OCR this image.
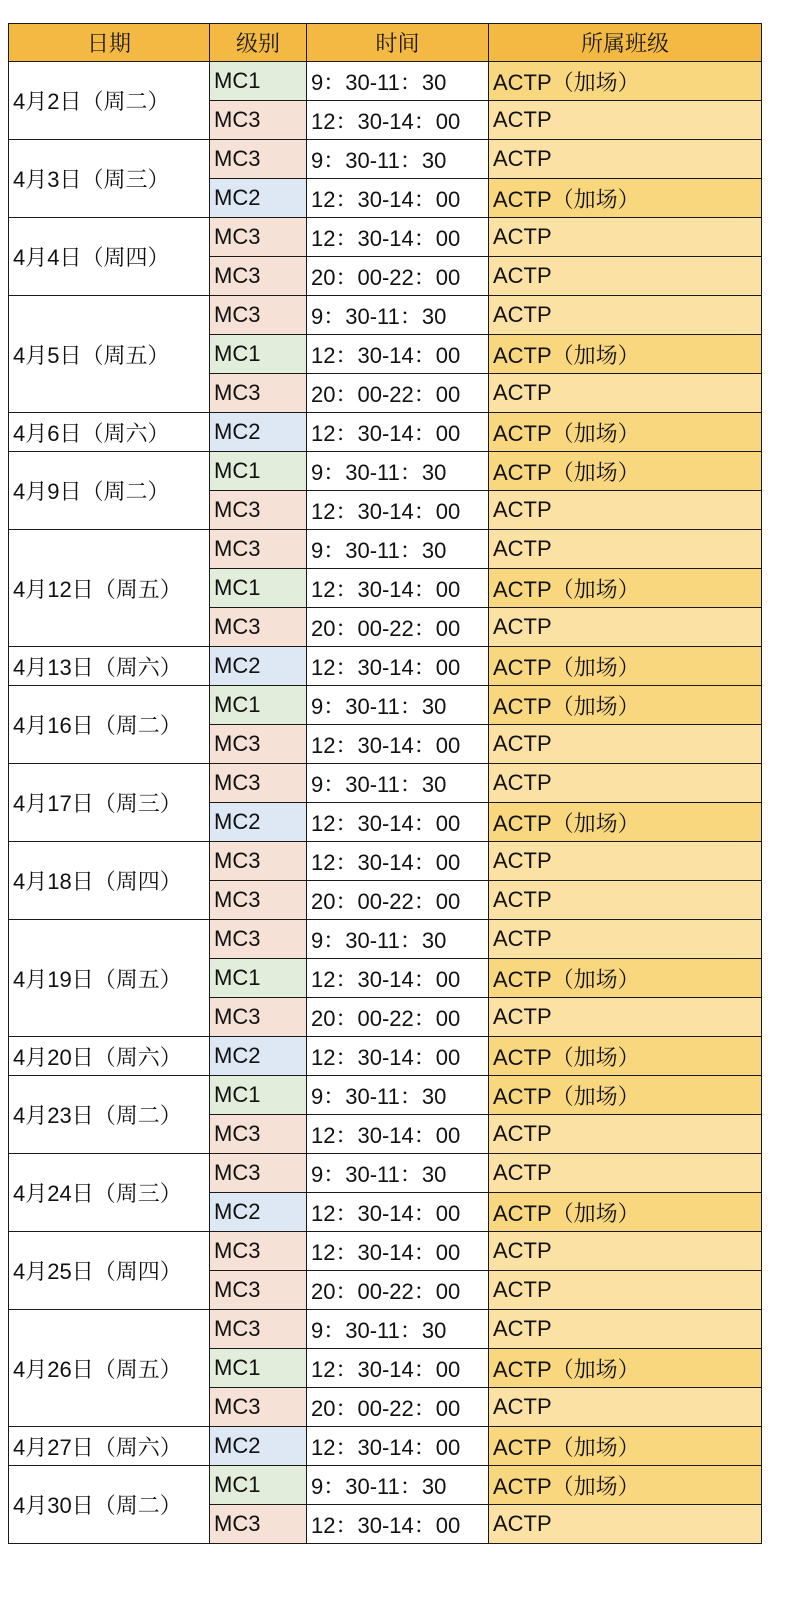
日期	级别	时间	所属班级
4月2日（周二）	MC1	9：30-11：30	ACTP（加场）
	MC3	12：30-14：00	ACTP
4月3日（周三）	MC3	9：30-11：30	ACTP
	MC2	12：30-14：00	ACTP（加场）
4月4日（周四）	MC3	12：30-14：00	ACTP
	MC3	20：00-22：00	ACTP
4月5日（周五）	MC3	9：30-11：30	ACTP
	MC1	12：30-14：00	ACTP（加场）
	MC3	20：00-22：00	ACTP
4月6日（周六）	MC2	12：30-14：00	ACTP（加场）
4月9日（周二）	MC1	9：30-11：30	ACTP（加场）
	MC3	12：30-14：00	ACTP
4月12日（周五）	MC3	9：30-11：30	ACTP
	MC1	12：30-14：00	ACTP（加场）
	MC3	20：00-22：00	ACTP
4月13日（周六）	MC2	12：30-14：00	ACTP（加场）
4月16日（周二）	MC1	9：30-11：30	ACTP（加场）
	MC3	12：30-14：00	ACTP
4月17日（周三）	MC3	9：30-11：30	ACTP
	MC2	12：30-14：00	ACTP（加场）
4月18日（周四）	MC3	12：30-14：00	ACTP
	MC3	20：00-22：00	ACTP
4月19日（周五）	MC3	9：30-11：30	ACTP
	MC1	12：30-14：00	ACTP（加场）
	MC3	20：00-22：00	ACTP
4月20日（周六）	MC2	12：30-14：00	ACTP（加场）
4月23日（周二）	MC1	9：30-11：30	ACTP（加场）
	MC3	12：30-14：00	ACTP
4月24日（周三）	MC3	9：30-11：30	ACTP
	MC2	12：30-14：00	ACTP（加场）
4月25日（周四）	MC3	12：30-14：00	ACTP
	MC3	20：00-22：00	ACTP
4月26日（周五）	MC3	9：30-11：30	ACTP
	MC1	12：30-14：00	ACTP（加场）
	MC3	20：00-22：00	ACTP
4月27日（周六）	MC2	12：30-14：00	ACTP（加场）
4月30日（周二）	MC1	9：30-11：30	ACTP（加场）
	MC3	12：30-14：00	ACTP
